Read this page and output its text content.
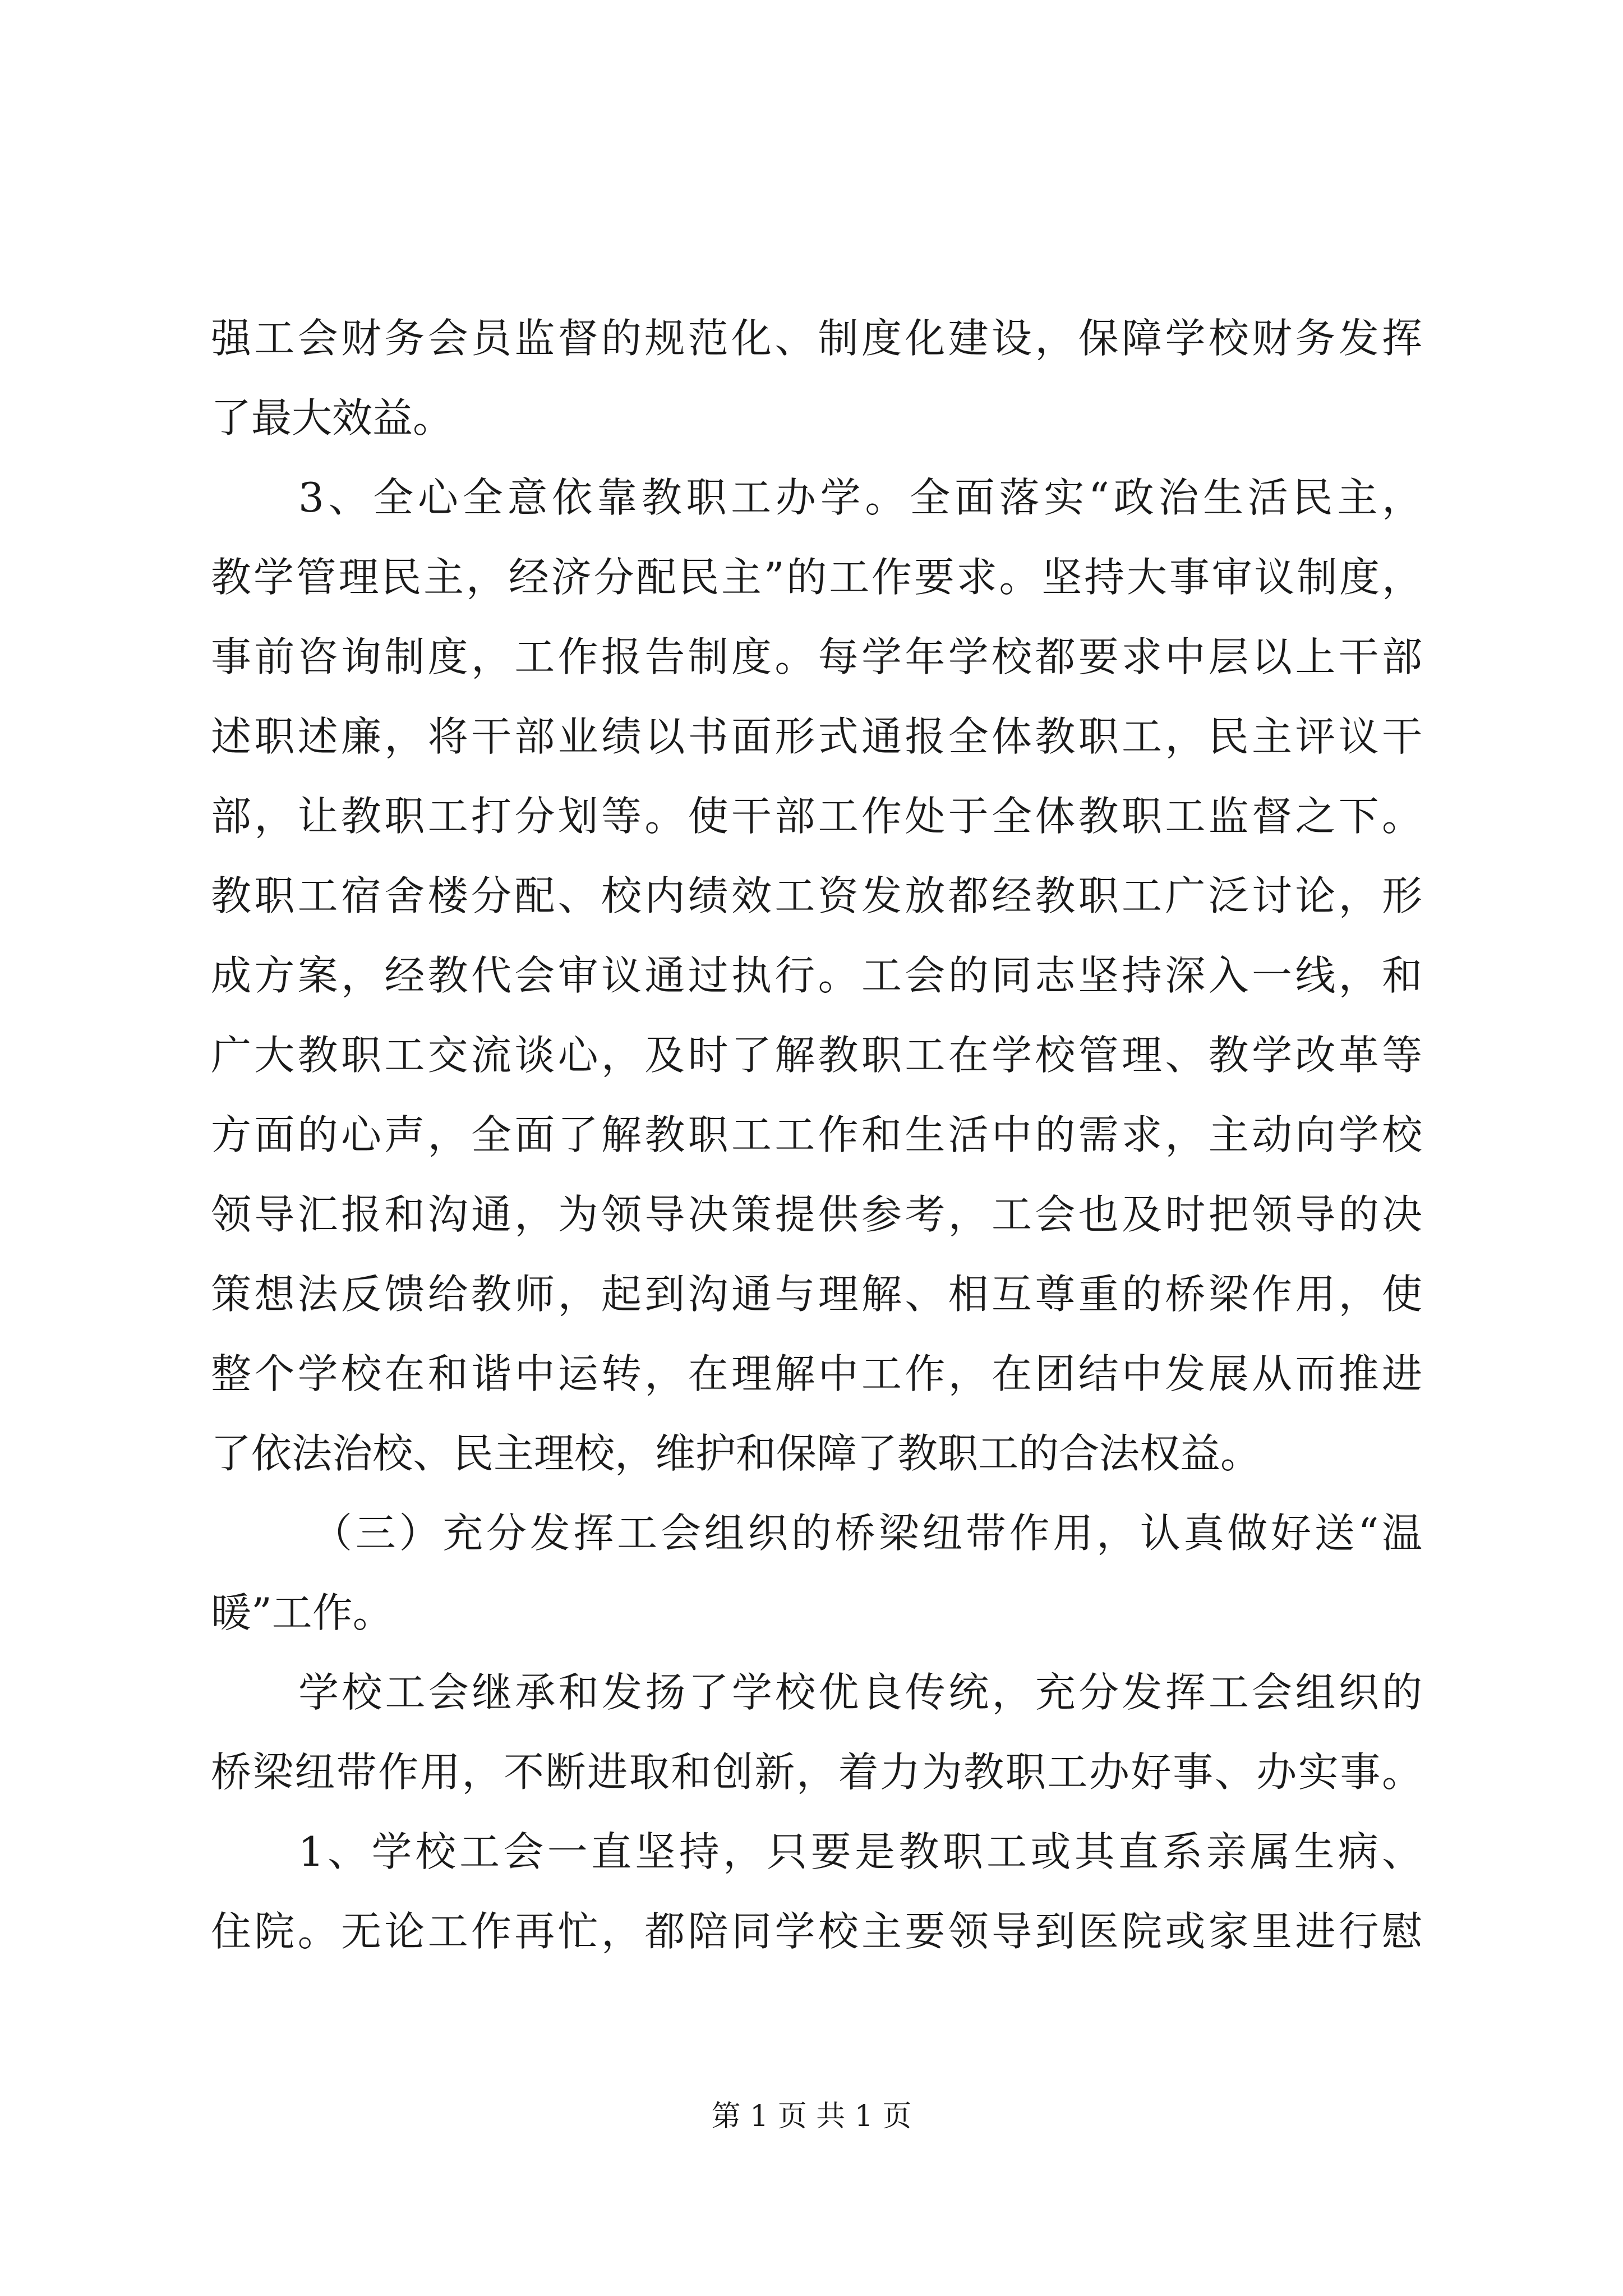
强工会财务会员监督的规范化、制度化建设，保障学校财务发挥
了最大效益。
3、全心全意依靠教职工办学。全面落实“政治生活民主，
教学管理民主，经济分配民主”的工作要求。坚持大事审议制度，
事前咨询制度，工作报告制度。每学年学校都要求中层以上干部
述职述廉，将干部业绩以书面形式通报全体教职工，民主评议干
部，让教职工打分划等。使干部工作处于全体教职工监督之下。
教职工宿舍楼分配、校内绩效工资发放都经教职工广泛讨论，形
成方案，经教代会审议通过执行。工会的同志坚持深入一线，和
广大教职工交流谈心，及时了解教职工在学校管理、教学改革等
方面的心声，全面了解教职工工作和生活中的需求，主动向学校
领导汇报和沟通，为领导决策提供参考，工会也及时把领导的决
策想法反馈给教师，起到沟通与理解、相互尊重的桥梁作用，使
整个学校在和谐中运转，在理解中工作，在团结中发展从而推进
了依法治校、民主理校，维护和保障了教职工的合法权益。
（三）充分发挥工会组织的桥梁纽带作用，认真做好送“温
暖”工作。
学校工会继承和发扬了学校优良传统，充分发挥工会组织的
桥梁纽带作用，不断进取和创新，着力为教职工办好事、办实事。
1、学校工会一直坚持，只要是教职工或其直系亲属生病、
住院。无论工作再忙，都陪同学校主要领导到医院或家里进行慰
第 1 页 共 1 页
